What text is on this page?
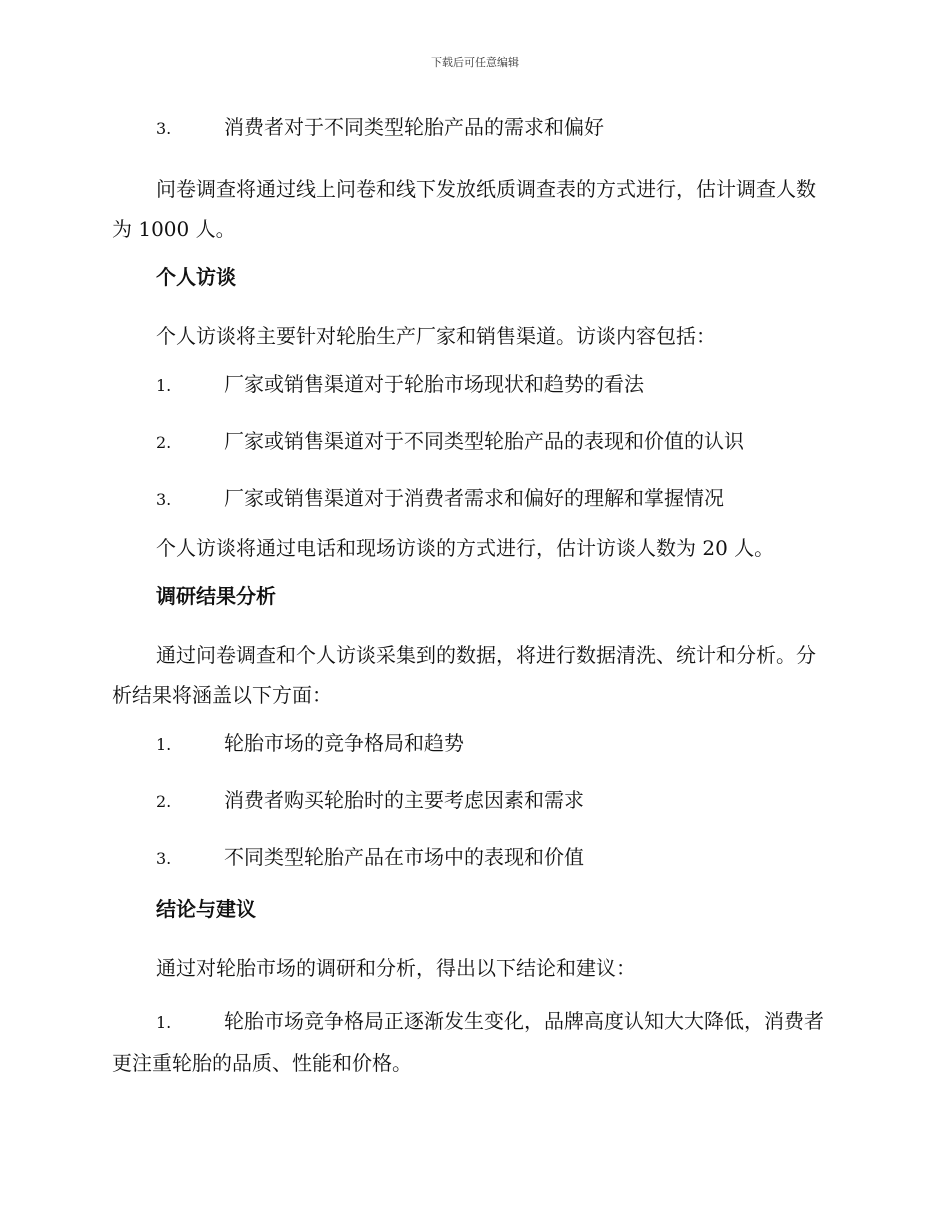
下载后可任意编辑
3.	消费者对于不同类型轮胎产品的需求和偏好

问卷调查将通过线上问卷和线下发放纸质调查表的方式进行，估计调查人数为 1000 人。

个人访谈

个人访谈将主要针对轮胎生产厂家和销售渠道。访谈内容包括：

1.	厂家或销售渠道对于轮胎市场现状和趋势的看法
2.	厂家或销售渠道对于不同类型轮胎产品的表现和价值的认识
3.	厂家或销售渠道对于消费者需求和偏好的理解和掌握情况

个人访谈将通过电话和现场访谈的方式进行，估计访谈人数为 20 人。

调研结果分析

通过问卷调查和个人访谈采集到的数据，将进行数据清洗、统计和分析。分析结果将涵盖以下方面：

1.	轮胎市场的竞争格局和趋势
2.	消费者购买轮胎时的主要考虑因素和需求
3.	不同类型轮胎产品在市场中的表现和价值
结论与建议

通过对轮胎市场的调研和分析，得出以下结论和建议：

1.	轮胎市场竞争格局正逐渐发生变化，品牌高度认知大大降低，消费者更注重轮胎的品质、性能和价格。
